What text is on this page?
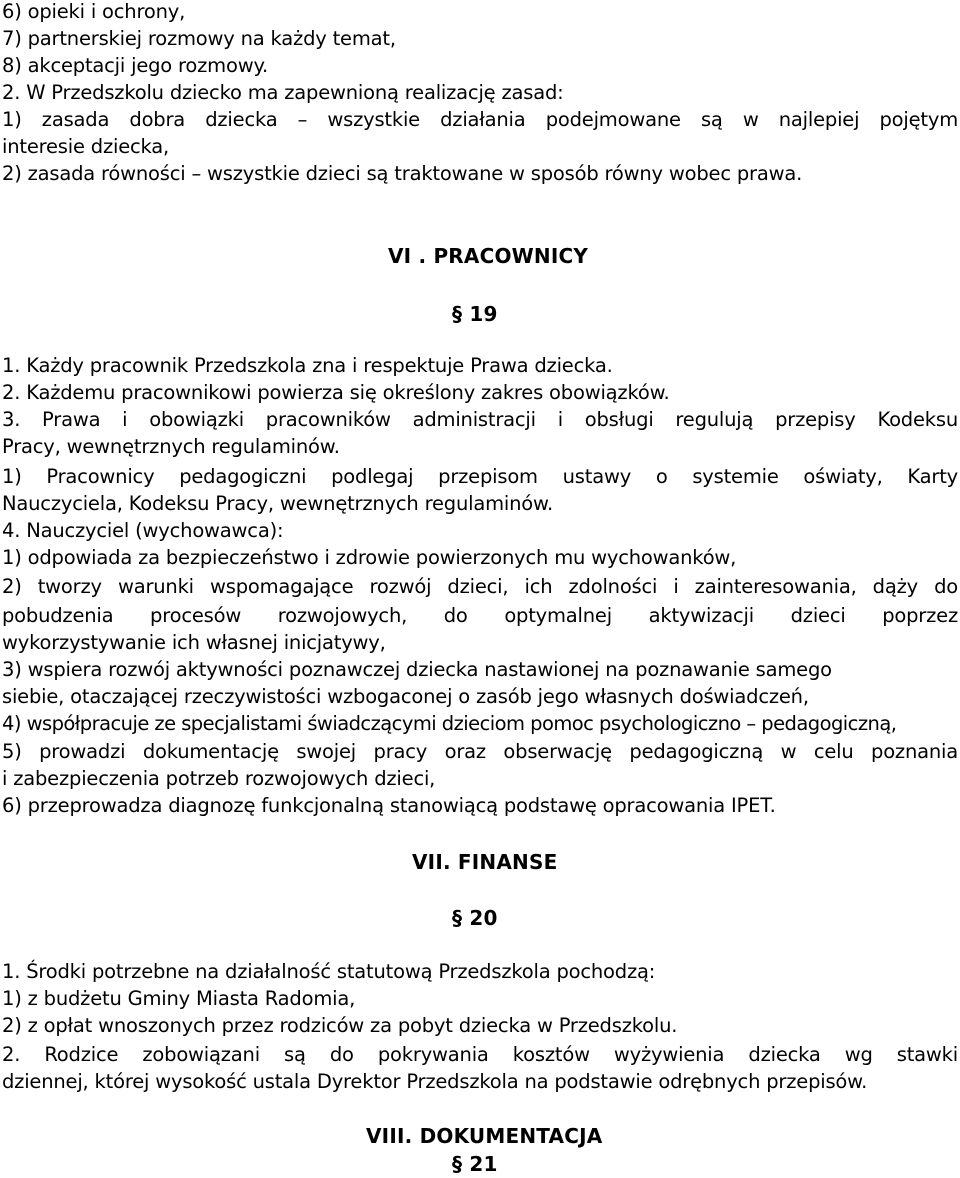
6) opieki i ochrony,
7) partnerskiej rozmowy na każdy temat,
8) akceptacji jego rozmowy.
2. W Przedszkolu dziecko ma zapewnioną realizację zasad:
1) zasada dobra dziecka – wszystkie działania podejmowane są w najlepiej pojętym
interesie dziecka,
2) zasada równości – wszystkie dzieci są traktowane w sposób równy wobec prawa.
VI . PRACOWNICY
§ 19
1. Każdy pracownik Przedszkola zna i respektuje Prawa dziecka.
2. Każdemu pracownikowi powierza się określony zakres obowiązków.
3. Prawa i obowiązki pracowników administracji i obsługi regulują przepisy Kodeksu
Pracy, wewnętrznych regulaminów.
1) Pracownicy pedagogiczni podlegaj przepisom ustawy o systemie oświaty, Karty
Nauczyciela, Kodeksu Pracy, wewnętrznych regulaminów.
4. Nauczyciel (wychowawca):
1) odpowiada za bezpieczeństwo i zdrowie powierzonych mu wychowanków,
2) tworzy warunki wspomagające rozwój dzieci, ich zdolności i zainteresowania, dąży do
pobudzenia procesów rozwojowych, do optymalnej aktywizacji dzieci poprzez
wykorzystywanie ich własnej inicjatywy,
3) wspiera rozwój aktywności poznawczej dziecka nastawionej na poznawanie samego
siebie, otaczającej rzeczywistości wzbogaconej o zasób jego własnych doświadczeń,
4) współpracuje ze specjalistami świadczącymi dzieciom pomoc psychologiczno – pedagogiczną,
5) prowadzi dokumentację swojej pracy oraz obserwację pedagogiczną w celu poznania
i zabezpieczenia potrzeb rozwojowych dzieci,
6) przeprowadza diagnozę funkcjonalną stanowiącą podstawę opracowania IPET.
VII. FINANSE
§ 20
1. Środki potrzebne na działalność statutową Przedszkola pochodzą:
1) z budżetu Gminy Miasta Radomia,
2) z opłat wnoszonych przez rodziców za pobyt dziecka w Przedszkolu.
2. Rodzice zobowiązani są do pokrywania kosztów wyżywienia dziecka wg stawki
dziennej, której wysokość ustala Dyrektor Przedszkola na podstawie odrębnych przepisów.
VIII. DOKUMENTACJA
§ 21
